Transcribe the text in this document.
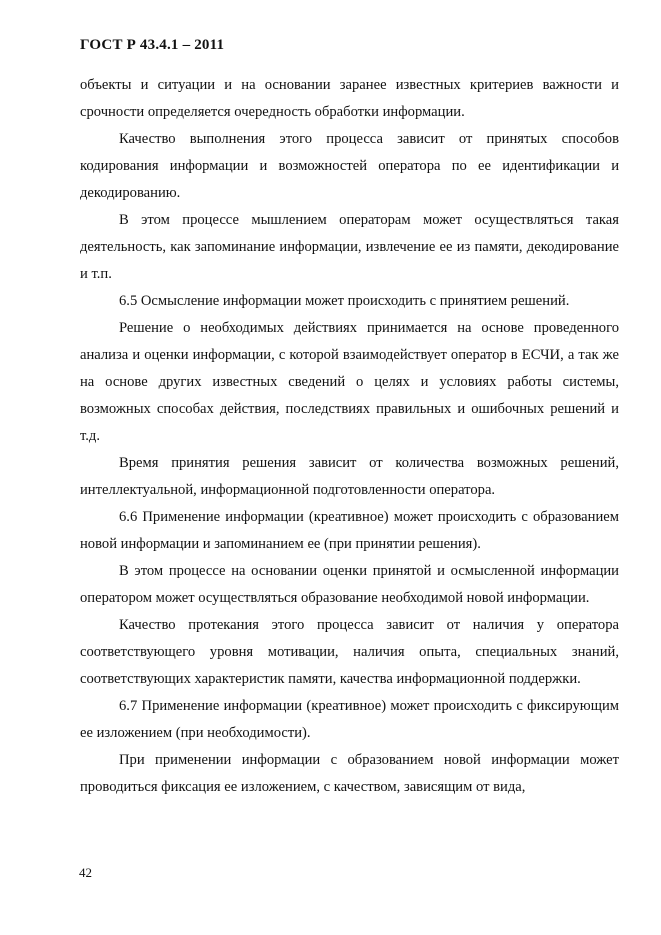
ГОСТ Р 43.4.1 – 2011

объекты и ситуации и на основании заранее известных критериев важности и срочности определяется очередность обработки информации.

Качество выполнения этого процесса зависит от принятых способов кодирования информации и возможностей оператора по ее идентификации и декодированию.

В этом процессе мышлением операторам может осуществляться такая деятельность, как запоминание информации, извлечение ее из памяти, декодирование и т.п.

6.5 Осмысление информации может происходить с принятием решений.

Решение о необходимых действиях принимается на основе проведенного анализа и оценки информации, с которой взаимодействует оператор в ЕСЧИ, а так же на основе других известных сведений о целях и условиях работы системы, возможных способах действия, последствиях правильных и ошибочных решений и т.д.

Время принятия решения зависит от количества возможных решений, интеллектуальной, информационной подготовленности оператора.

6.6 Применение информации (креативное) может происходить с образованием новой информации и запоминанием ее (при принятии решения).

В этом процессе на основании оценки принятой и осмысленной информации оператором может осуществляться образование необходимой новой информации.

Качество протекания этого процесса зависит от наличия у оператора соответствующего уровня мотивации, наличия опыта, специальных знаний, соответствующих характеристик памяти, качества информационной поддержки.

6.7 Применение информации (креативное) может происходить с фиксирующим ее изложением (при необходимости).

При применении информации с образованием новой информации может проводиться фиксация ее изложением, с качеством, зависящим от вида,

42
